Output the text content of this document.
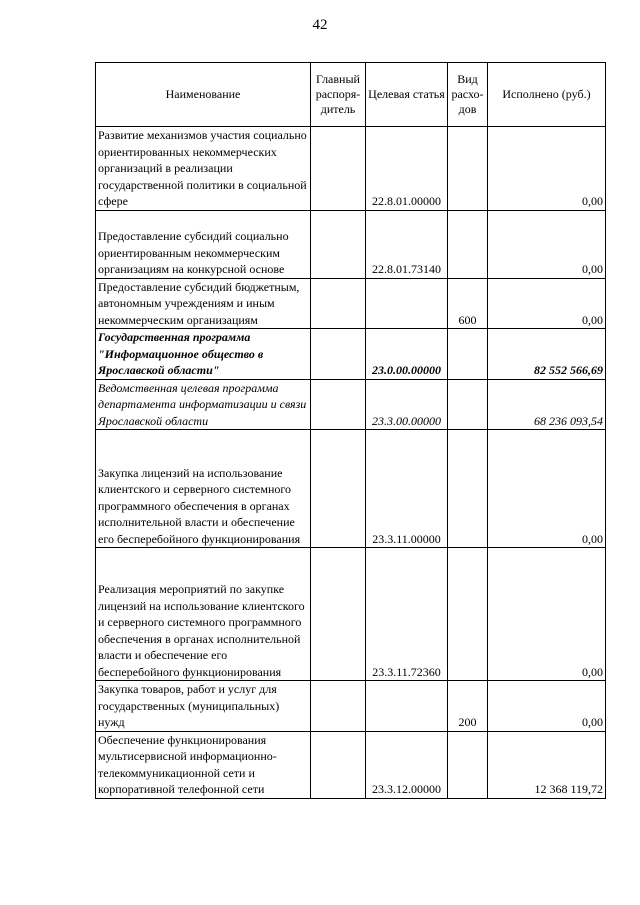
42
Наименование	Главный распоря-дитель	Целевая статья	Вид расхо-дов	Исполнено (руб.)
Развитие механизмов участия социально ориентированных некоммерческих организаций в реализации государственной политики в социальной сфере		22.8.01.00000		0,00
Предоставление субсидий социально ориентированным некоммерческим организациям на конкурсной основе		22.8.01.73140		0,00
Предоставление субсидий бюджетным, автономным учреждениям и иным некоммерческим организациям			600	0,00
Государственная программа "Информационное общество в Ярославской области"		23.0.00.00000		82 552 566,69
Ведомственная целевая программа департамента информатизации и связи Ярославской области		23.3.00.00000		68 236 093,54
Закупка лицензий на использование клиентского и серверного системного программного обеспечения в органах исполнительной власти и обеспечение его бесперебойного функционирования		23.3.11.00000		0,00
Реализация мероприятий по закупке лицензий на использование клиентского и серверного системного программного обеспечения в органах исполнительной власти и обеспечение его бесперебойного функционирования		23.3.11.72360		0,00
Закупка товаров, работ и услуг для государственных (муниципальных) нужд			200	0,00
Обеспечение функционирования мультисервисной информационно-телекоммуникационной сети и корпоративной телефонной сети		23.3.12.00000		12 368 119,72
